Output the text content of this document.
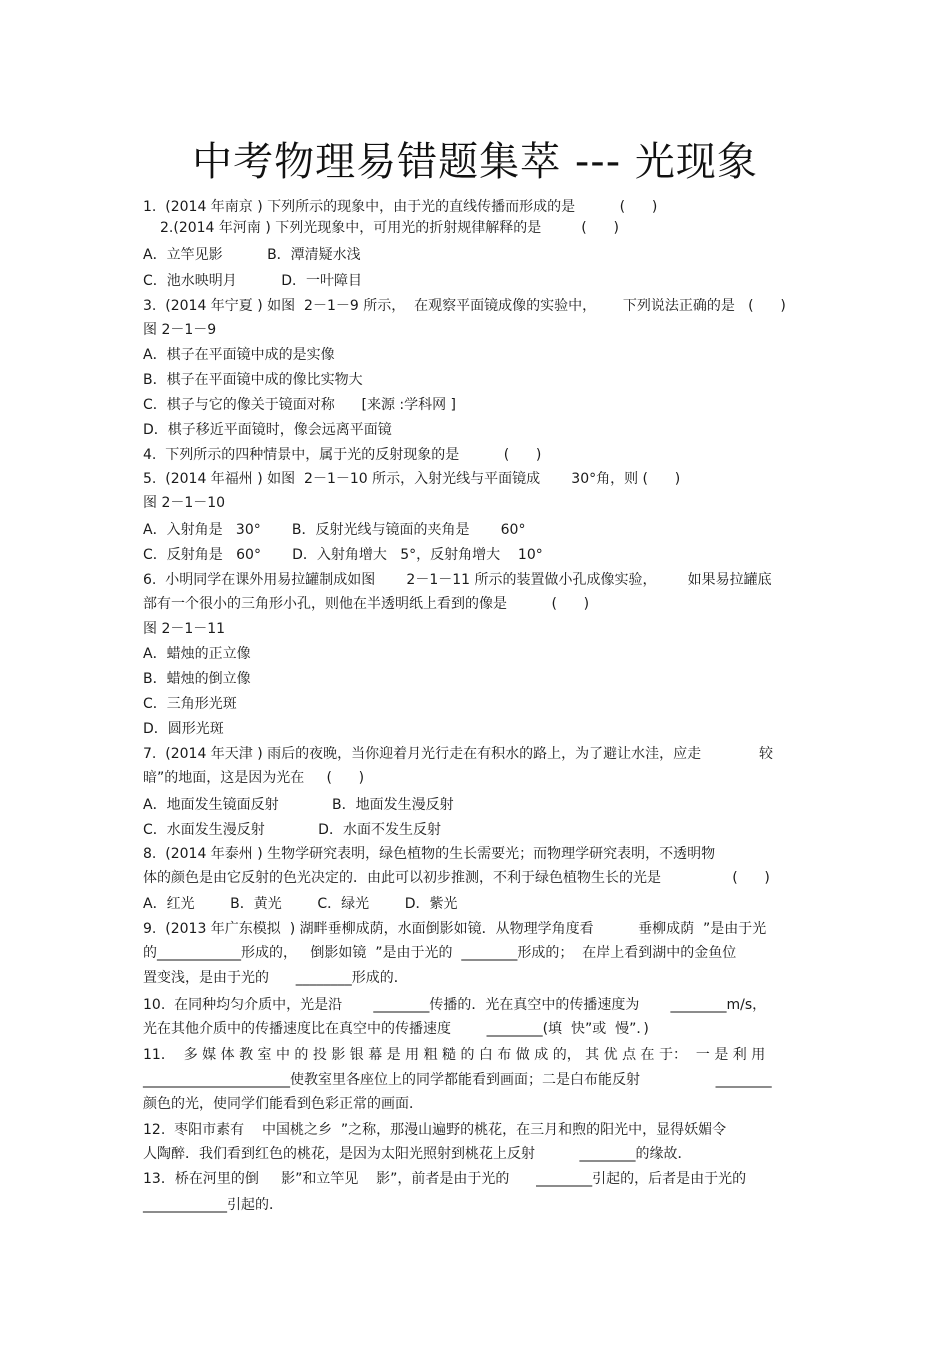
中考物理易错题集萃 --- 光现象
1.  (2014 年南京 ) 下列所示的现象中，由于光的直线传播而形成的是          (      )
2.(2014 年河南 ) 下列光现象中，可用光的折射规律解释的是         (      )
A．立竿见影          B．潭清疑水浅
C．池水映明月          D．一叶障目
3.  (2014 年宁夏 ) 如图  2－1－9 所示，  在观察平面镜成像的实验中，      下列说法正确的是   (      )
图 2－1－9
A．棋子在平面镜中成的是实像
B．棋子在平面镜中成的像比实物大
C．棋子与它的像关于镜面对称      [来源 :学科网 ]
D．棋子移近平面镜时，像会远离平面镜
4.  下列所示的四种情景中，属于光的反射现象的是          (      )
5.  (2014 年福州 ) 如图  2－1－10 所示，入射光线与平面镜成       30°角，则 (      )
图 2－1－10
A．入射角是   30°       B．反射光线与镜面的夹角是       60°
C．反射角是   60°       D．入射角增大   5°，反射角增大    10°
6.  小明同学在课外用易拉罐制成如图       2－1－11 所示的装置做小孔成像实验，       如果易拉罐底
部有一个很小的三角形小孔，则他在半透明纸上看到的像是          (      )
图 2－1－11
A．蜡烛的正立像
B．蜡烛的倒立像
C．三角形光斑
D．圆形光斑
7.  (2014 年天津 ) 雨后的夜晚，当你迎着月光行走在有积水的路上，为了避让水洼，应走             较
暗”的地面，这是因为光在     (      )
A．地面发生镜面反射            B．地面发生漫反射
C．水面发生漫反射            D．水面不发生反射
8.  (2014 年泰州 ) 生物学研究表明，绿色植物的生长需要光；而物理学研究表明，不透明物
体的颜色是由它反射的色光决定的．由此可以初步推测，不利于绿色植物生长的光是                (      )
A．红光        B．黄光        C．绿光        D．紫光
9.  (2013 年广东模拟  ) 湖畔垂柳成荫，水面倒影如镜．从物理学角度看          垂柳成荫  ”是由于光
的____________形成的，   倒影如镜  ”是由于光的  ________形成的；  在岸上看到湖中的金鱼位
置变浅，是由于光的      ________形成的．
10.  在同种均匀介质中，光是沿       ________传播的．光在真空中的传播速度为       ________m/s，
光在其他介质中的传播速度比在真空中的传播速度        ________(填  快”或  慢”．)
11．  多 媒 体 教 室 中 的 投 影 银 幕 是 用 粗 糙 的 白 布 做 成 的， 其 优 点 在 于：  一 是 利 用
_____________________使教室里各座位上的同学都能看到画面；二是白布能反射                 ________
颜色的光，使同学们能看到色彩正常的画面．
12.  枣阳市素有    中国桃之乡  ”之称，那漫山遍野的桃花，在三月和煦的阳光中，显得妖媚令
人陶醉．我们看到红色的桃花，是因为太阳光照射到桃花上反射          ________的缘故．
13．桥在河里的倒     影”和立竿见    影”，前者是由于光的      ________引起的，后者是由于光的
____________引起的．
